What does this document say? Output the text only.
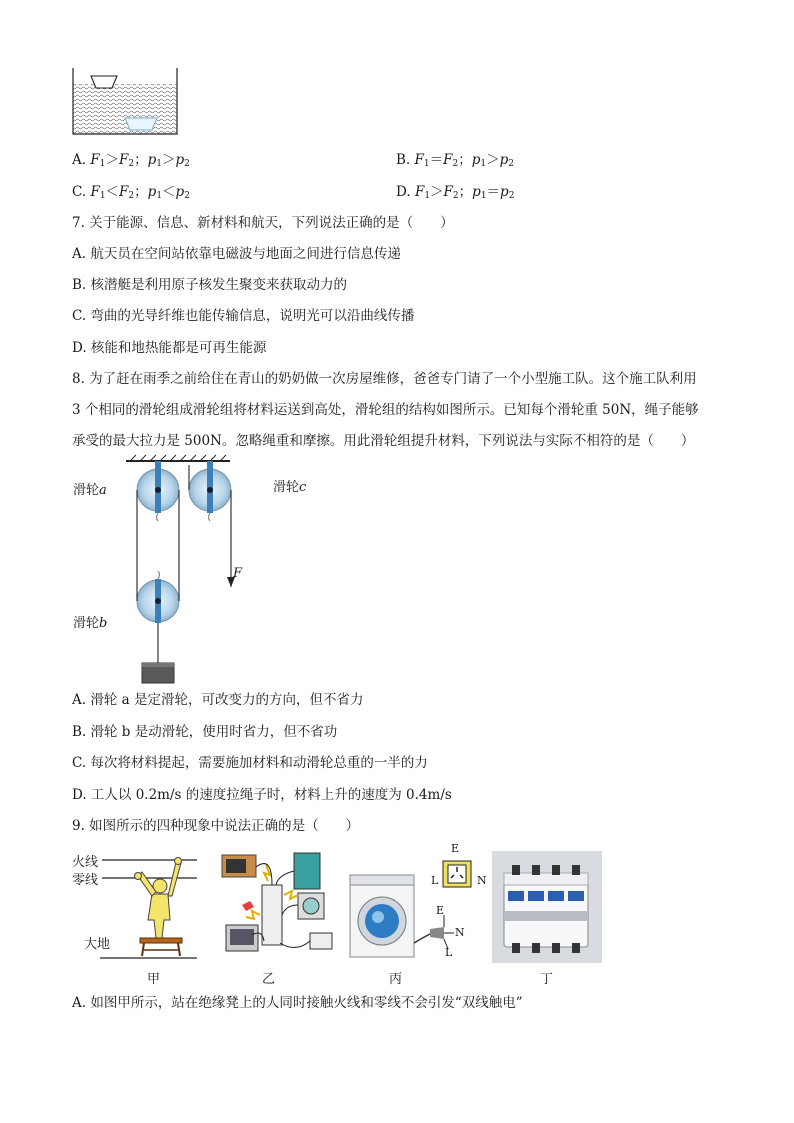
A. $F_1>F_2$；$p_1>p_2$	B. $F_1=F_2$；$p_1>p_2$
C. $F_1<F_2$；$p_1<p_2$	D. $F_1>F_2$；$p_1=p_2$
7. 关于能源、信息、新材料和航天，下列说法正确的是（　　）
A. 航天员在空间站依靠电磁波与地面之间进行信息传递
B. 核潜艇是利用原子核发生聚变来获取动力的
C. 弯曲的光导纤维也能传输信息，说明光可以沿曲线传播
D. 核能和地热能都是可再生能源
8. 为了赶在雨季之前给住在青山的奶奶做一次房屋维修，爸爸专门请了一个小型施工队。这个施工队利用
3 个相同的滑轮组成滑轮组将材料运送到高处，滑轮组的结构如图所示。已知每个滑轮重 50N，绳子能够
承受的最大拉力是 500N。忽略绳重和摩擦。用此滑轮组提升材料，下列说法与实际不相符的是（　　）
滑轮a	滑轮c
F
滑轮b
A. 滑轮 a 是定滑轮，可改变力的方向，但不省力
B. 滑轮 b 是动滑轮，使用时省力，但不省功
C. 每次将材料提起，需要施加材料和动滑轮总重的一半的力
D. 工人以 0.2m/s 的速度拉绳子时，材料上升的速度为 0.4m/s
9. 如图所示的四种现象中说法正确的是（　　）
火线
零线
大地
E
L	N
E
N
L
甲	乙	丙	丁
A. 如图甲所示，站在绝缘凳上的人同时接触火线和零线不会引发“双线触电”
